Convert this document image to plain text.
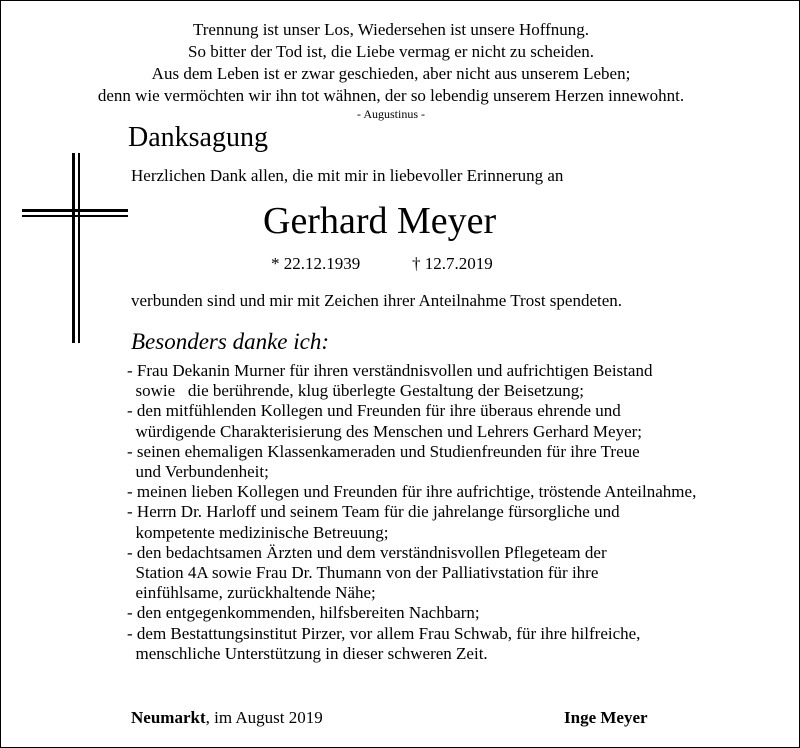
Trennung ist unser Los, Wiedersehen ist unsere Hoffnung.
So bitter der Tod ist, die Liebe vermag er nicht zu scheiden.
Aus dem Leben ist er zwar geschieden, aber nicht aus unserem Leben;
denn wie vermöchten wir ihn tot wähnen, der so lebendig unserem Herzen innewohnt.
- Augustinus -
Danksagung
Herzlichen Dank allen, die mit mir in liebevoller Erinnerung an
Gerhard Meyer
* 22.12.1939	† 12.7.2019
verbunden sind und mir mit Zeichen ihrer Anteilnahme Trost spendeten.
Besonders danke ich:
- Frau Dekanin Murner für ihren verständnisvollen und aufrichtigen Beistand
sowie   die berührende, klug überlegte Gestaltung der Beisetzung;
- den mitfühlenden Kollegen und Freunden für ihre überaus ehrende und
würdigende Charakterisierung des Menschen und Lehrers Gerhard Meyer;
- seinen ehemaligen Klassenkameraden und Studienfreunden für ihre Treue
und Verbundenheit;
- meinen lieben Kollegen und Freunden für ihre aufrichtige, tröstende Anteilnahme,
- Herrn Dr. Harloff und seinem Team für die jahrelange fürsorgliche und
kompetente medizinische Betreuung;
- den bedachtsamen Ärzten und dem verständnisvollen Pflegeteam der
Station 4A sowie Frau Dr. Thumann von der Palliativstation für ihre
einfühlsame, zurückhaltende Nähe;
- den entgegenkommenden, hilfsbereiten Nachbarn;
- dem Bestattungsinstitut Pirzer, vor allem Frau Schwab, für ihre hilfreiche,
menschliche Unterstützung in dieser schweren Zeit.
Neumarkt, im August 2019	Inge Meyer
